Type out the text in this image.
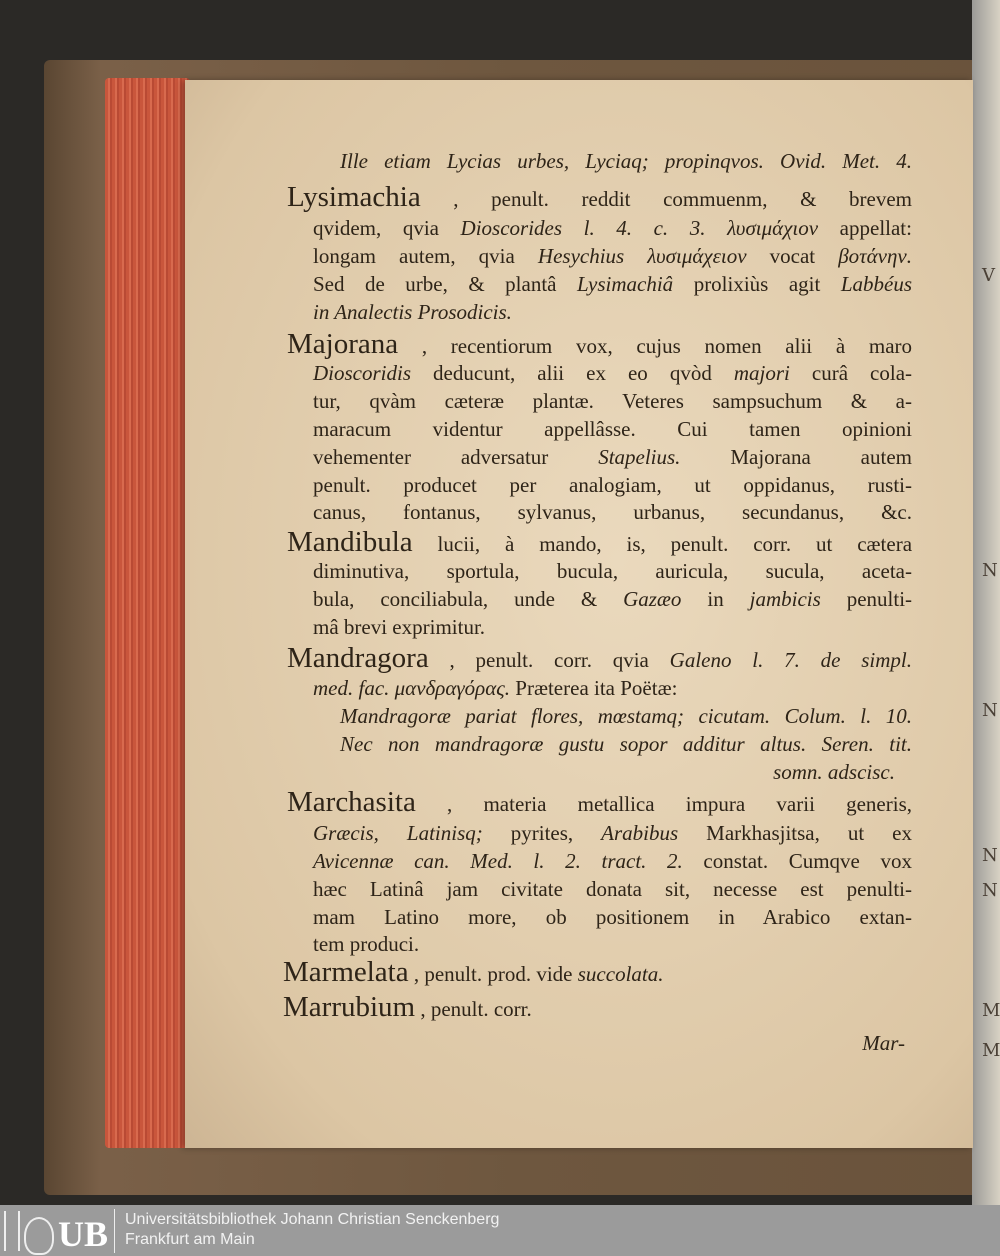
V
N
N
N
N
M
M
Ille etiam Lycias urbes, Lyciaq; propinqvos. Ovid. Met. 4.
Lysimachia , penult. reddit commuenm, & brevem
qvidem, qvia Dioscorides l. 4. c. 3. λυσιμάχιον appellat:
longam autem, qvia Hesychius λυσιμάχειον vocat βοτάνην.
Sed de urbe, & plantâ Lysimachiâ prolixiùs agit Labbéus
in Analectis Prosodicis.
Majorana , recentiorum vox, cujus nomen alii à maro
Dioscoridis deducunt, alii ex eo qvòd majori curâ cola-
tur, qvàm cæteræ plantæ. Veteres sampsuchum & a-
maracum videntur appellâsse. Cui tamen opinioni
vehementer adversatur Stapelius. Majorana autem
penult. producet per analogiam, ut oppidanus, rusti-
canus, fontanus, sylvanus, urbanus, secundanus, &c.
Mandibula lucii, à mando, is, penult. corr. ut cætera
diminutiva, sportula, bucula, auricula, sucula, aceta-
bula, conciliabula, unde & Gazæo in jambicis penulti-
mâ brevi exprimitur.
Mandragora , penult. corr. qvia Galeno l. 7. de simpl.
med. fac. μανδραγόρας. Præterea ita Poëtæ:
Mandragoræ pariat flores, mœstamq; cicutam. Colum. l. 10.
Nec non mandragoræ gustu sopor additur altus. Seren. tit.
somn. adscisc.
Marchasita , materia metallica impura varii generis,
Græcis, Latinisq; pyrites, Arabibus Markhasjitsa, ut ex
Avicennæ can. Med. l. 2. tract. 2. constat. Cumqve vox
hæc Latinâ jam civitate donata sit, necesse est penulti-
mam Latino more, ob positionem in Arabico extan-
tem produci.
Marmelata , penult. prod. vide succolata.
Marrubium , penult. corr.
Mar-
UB Universitätsbibliothek Johann Christian Senckenberg
Frankfurt am Main
